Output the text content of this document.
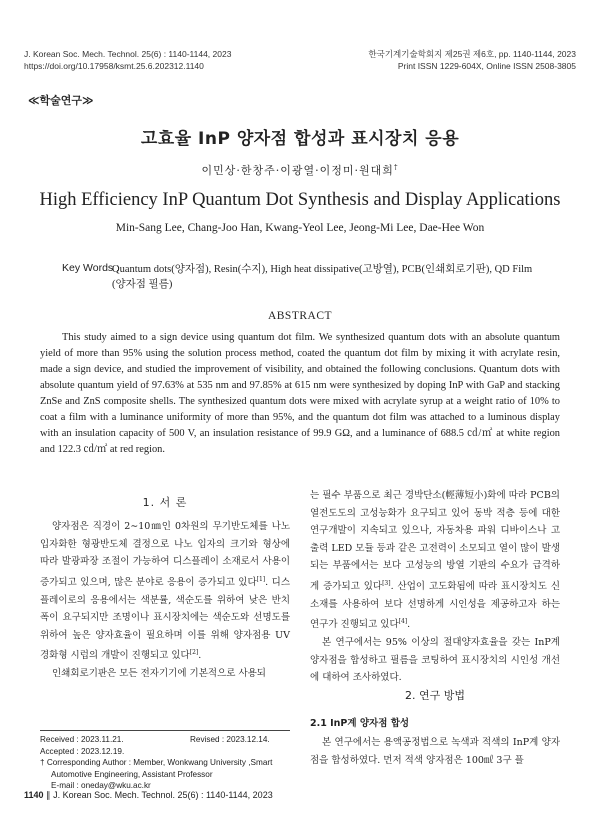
J. Korean Soc. Mech. Technol. 25(6) : 1140-1144, 2023
https://doi.org/10.17958/ksmt.25.6.202312.1140
한국기계기술학회지 제25권 제6호, pp. 1140-1144, 2023
Print ISSN 1229-604X, Online ISSN 2508-3805
≪학술연구≫
고효율 InP 양자점 합성과 표시장치 응용
이민상·한창주·이광열·이정미·원대희†
High Efficiency InP Quantum Dot Synthesis and Display Applications
Min-Sang Lee, Chang-Joo Han, Kwang-Yeol Lee, Jeong-Mi Lee, Dae-Hee Won
Key Words :
Quantum dots(양자점), Resin(수지), High heat dissipative(고방열), PCB(인쇄회로기판), QD Film
(양자점 필름)
ABSTRACT
This study aimed to a sign device using quantum dot film. We synthesized quantum dots with an absolute quantum yield of more than 95% using the solution process method, coated the quantum dot film by mixing it with acrylate resin, made a sign device, and studied the improvement of visibility, and obtained the following conclusions. Quantum dots with absolute quantum yield of 97.63% at 535 nm and 97.85% at 615 nm were synthesized by doping InP with GaP and stacking ZnSe and ZnS composite shells. The synthesized quantum dots were mixed with acrylate syrup at a weight ratio of 10% to coat a film with a luminance uniformity of more than 95%, and the quantum dot film was attached to a luminous display with an insulation capacity of 500 V, an insulation resistance of 99.9 GΩ, and a luminance of 688.5 ㏅/㎡ at white region and 122.3 ㏅/㎡ at red region.
1. 서 론

양자점은 직경이 2∼10㎚인 0차원의 무기반도체를 나노입자화한 형광반도체 결정으로 나노 입자의 크기와 형상에 따라 발광파장 조절이 가능하여 디스플레이 소재로서 사용이 증가되고 있으며, 많은 분야로 응용이 증가되고 있다[1]. 디스플레이로의 응용에서는 색분률, 색순도를 위하여 낮은 반치폭이 요구되지만 조명이나 표시장치에는 색순도와 선명도를 위하여 높은 양자효율이 필요하며 이를 위해 양자점용 UV 경화형 시럽의 개발이 진행되고 있다[2].

인쇄회로기판은 모든 전자기기에 기본적으로 사용되

Received : 2023.11.21.	Revised : 2023.12.14.
Accepted : 2023.12.19.
† Corresponding Author : Member, Wonkwang University ,Smart
Automotive Engineering, Assistant Professor
E-mail : oneday@wku.ac.kr

는 필수 부품으로 최근 경박단소(輕薄短小)화에 따라 PCB의 열전도도의 고성능화가 요구되고 있어 동박 적층 등에 대한 연구개발이 지속되고 있으나, 자동차용 파워 디바이스나 고출력 LED 모듈 등과 같은 고전력이 소모되고 열이 많이 발생되는 부품에서는 보다 고성능의 방열 기판의 수요가 급격하게 증가되고 있다[3]. 산업이 고도화됨에 따라 표시장치도 신소재를 사용하여 보다 선명하게 시인성을 제공하고자 하는 연구가 진행되고 있다[4].

본 연구에서는 95% 이상의 절대양자효율을 갖는 InP계 양자점을 합성하고 필름을 코팅하여 표시장치의 시인성 개선에 대하여 조사하였다.

2. 연구 방법
2.1 InP계 양자점 합성

본 연구에서는 용액공정법으로 녹색과 적색의 InP계 양자점을 합성하였다. 먼저 적색 양자점은 100㎖ 3구 플

1140 ∥ J. Korean Soc. Mech. Technol. 25(6) : 1140-1144, 2023
